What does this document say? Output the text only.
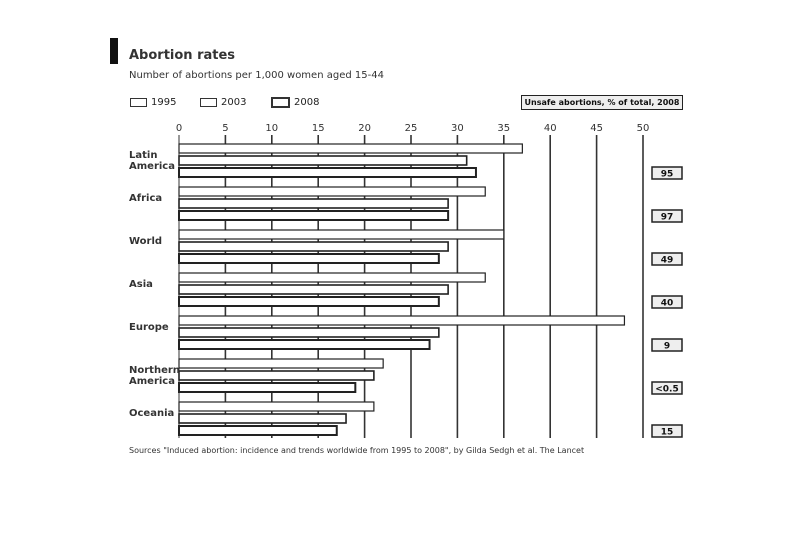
Abortion rates
Number of abortions per 1,000 women aged 15-44
1995	2003	2008	Unsafe abortions, % of total, 2008
0	5	10	15	20	25	30	35	40	45	50
Latin
America
95
Africa
97
World
49
Asia
40
Europe
9
Northern
America
<0.5
Oceania
15
Sources "Induced abortion: incidence and trends worldwide from 1995 to 2008", by Gilda Sedgh et al. The Lancet
